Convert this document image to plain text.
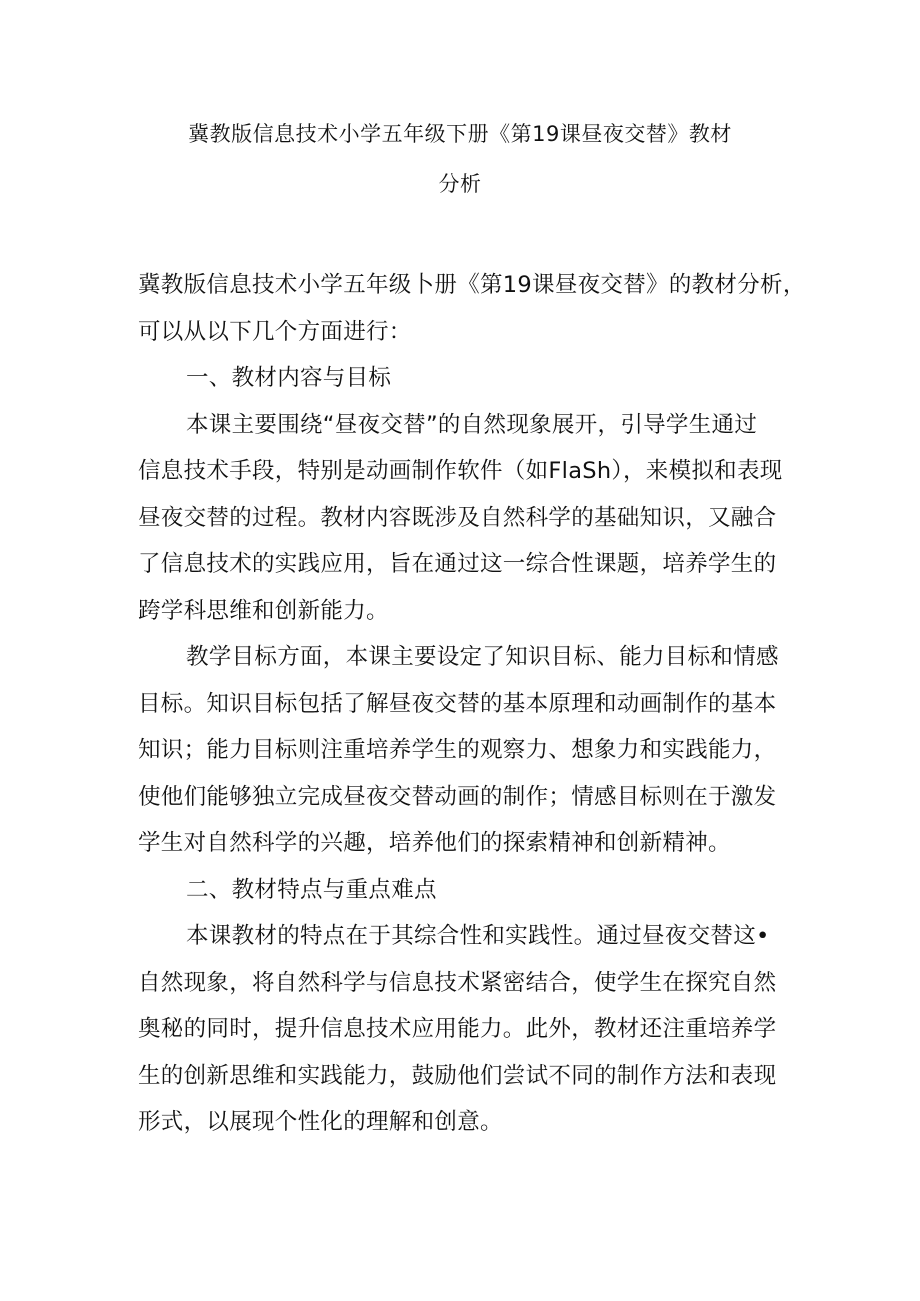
冀教版信息技术小学五年级下册《第19课昼夜交替》教材
分析
冀教版信息技术小学五年级卜册《第19课昼夜交替》的教材分析，
可以从以下几个方面进行：
一、教材内容与目标
本课主要围绕“昼夜交替”的自然现象展开，引导学生通过
信息技术手段，特别是动画制作软件（如FlaSh），来模拟和表现
昼夜交替的过程。教材内容既涉及自然科学的基础知识，又融合
了信息技术的实践应用，旨在通过这一综合性课题，培养学生的
跨学科思维和创新能力。
教学目标方面，本课主要设定了知识目标、能力目标和情感
目标。知识目标包括了解昼夜交替的基本原理和动画制作的基本
知识；能力目标则注重培养学生的观察力、想象力和实践能力，
使他们能够独立完成昼夜交替动画的制作；情感目标则在于激发
学生对自然科学的兴趣，培养他们的探索精神和创新精神。
二、教材特点与重点难点
本课教材的特点在于其综合性和实践性。通过昼夜交替这•
自然现象，将自然科学与信息技术紧密结合，使学生在探究自然
奥秘的同时，提升信息技术应用能力。此外，教材还注重培养学
生的创新思维和实践能力，鼓励他们尝试不同的制作方法和表现
形式，以展现个性化的理解和创意。
